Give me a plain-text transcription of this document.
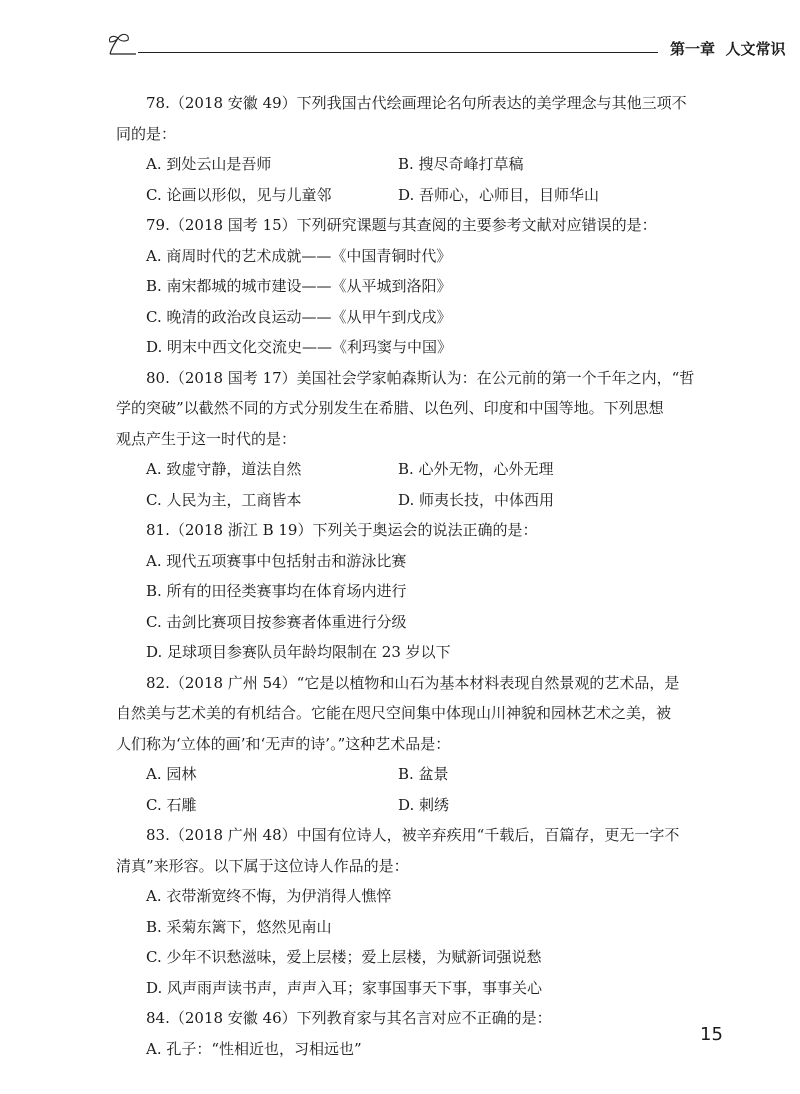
第一章 人文常识
78.（2018 安徽 49）下列我国古代绘画理论名句所表达的美学理念与其他三项不
同的是：
A. 到处云山是吾师	B. 搜尽奇峰打草稿
C. 论画以形似，见与儿童邻	D. 吾师心，心师目，目师华山
79.（2018 国考 15）下列研究课题与其查阅的主要参考文献对应错误的是：
A. 商周时代的艺术成就——《中国青铜时代》
B. 南宋都城的城市建设——《从平城到洛阳》
C. 晚清的政治改良运动——《从甲午到戊戌》
D. 明末中西文化交流史——《利玛窦与中国》
80.（2018 国考 17）美国社会学家帕森斯认为：在公元前的第一个千年之内，“哲
学的突破”以截然不同的方式分别发生在希腊、以色列、印度和中国等地。下列思想
观点产生于这一时代的是：
A. 致虚守静，道法自然	B. 心外无物，心外无理
C. 人民为主，工商皆本	D. 师夷长技，中体西用
81.（2018 浙江 B 19）下列关于奥运会的说法正确的是：
A. 现代五项赛事中包括射击和游泳比赛
B. 所有的田径类赛事均在体育场内进行
C. 击剑比赛项目按参赛者体重进行分级
D. 足球项目参赛队员年龄均限制在 23 岁以下
82.（2018 广州 54）“它是以植物和山石为基本材料表现自然景观的艺术品，是
自然美与艺术美的有机结合。它能在咫尺空间集中体现山川神貌和园林艺术之美，被
人们称为‘立体的画’和‘无声的诗’。”这种艺术品是：
A. 园林	B. 盆景
C. 石雕	D. 刺绣
83.（2018 广州 48）中国有位诗人，被辛弃疾用“千载后，百篇存，更无一字不
清真”来形容。以下属于这位诗人作品的是：
A. 衣带渐宽终不悔，为伊消得人憔悴
B. 采菊东篱下，悠然见南山
C. 少年不识愁滋味，爱上层楼；爱上层楼，为赋新词强说愁
D. 风声雨声读书声，声声入耳；家事国事天下事，事事关心
84.（2018 安徽 46）下列教育家与其名言对应不正确的是：
A. 孔子：“性相近也，习相远也”
15
